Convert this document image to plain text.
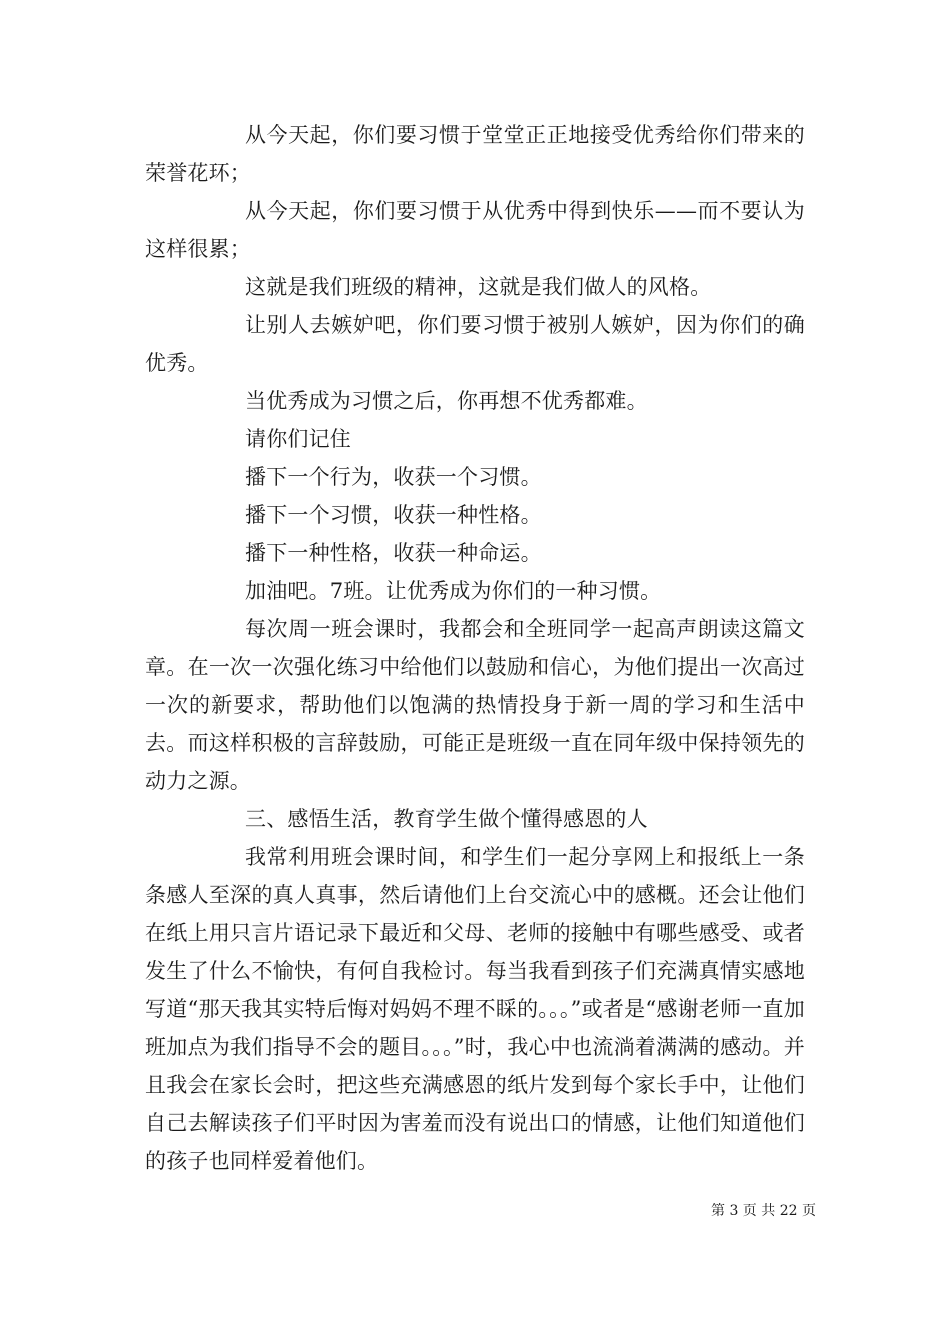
从今天起，你们要习惯于堂堂正正地接受优秀给你们带来的荣誉花环；

从今天起，你们要习惯于从优秀中得到快乐——而不要认为这样很累；

这就是我们班级的精神，这就是我们做人的风格。

让别人去嫉妒吧，你们要习惯于被别人嫉妒，因为你们的确优秀。

当优秀成为习惯之后，你再想不优秀都难。

请你们记住

播下一个行为，收获一个习惯。

播下一个习惯，收获一种性格。

播下一种性格，收获一种命运。

加油吧。7班。让优秀成为你们的一种习惯。

每次周一班会课时，我都会和全班同学一起高声朗读这篇文章。在一次一次强化练习中给他们以鼓励和信心，为他们提出一次高过一次的新要求，帮助他们以饱满的热情投身于新一周的学习和生活中去。而这样积极的言辞鼓励，可能正是班级一直在同年级中保持领先的动力之源。

三、感悟生活，教育学生做个懂得感恩的人

我常利用班会课时间，和学生们一起分享网上和报纸上一条条感人至深的真人真事，然后请他们上台交流心中的感概。还会让他们在纸上用只言片语记录下最近和父母、老师的接触中有哪些感受、或者发生了什么不愉快，有何自我检讨。每当我看到孩子们充满真情实感地写道“那天我其实特后悔对妈妈不理不睬的。。。”或者是“感谢老师一直加班加点为我们指导不会的题目。。。”时，我心中也流淌着满满的感动。并且我会在家长会时，把这些充满感恩的纸片发到每个家长手中，让他们自己去解读孩子们平时因为害羞而没有说出口的情感，让他们知道他们的孩子也同样爱着他们。

第 3 页 共 22 页
